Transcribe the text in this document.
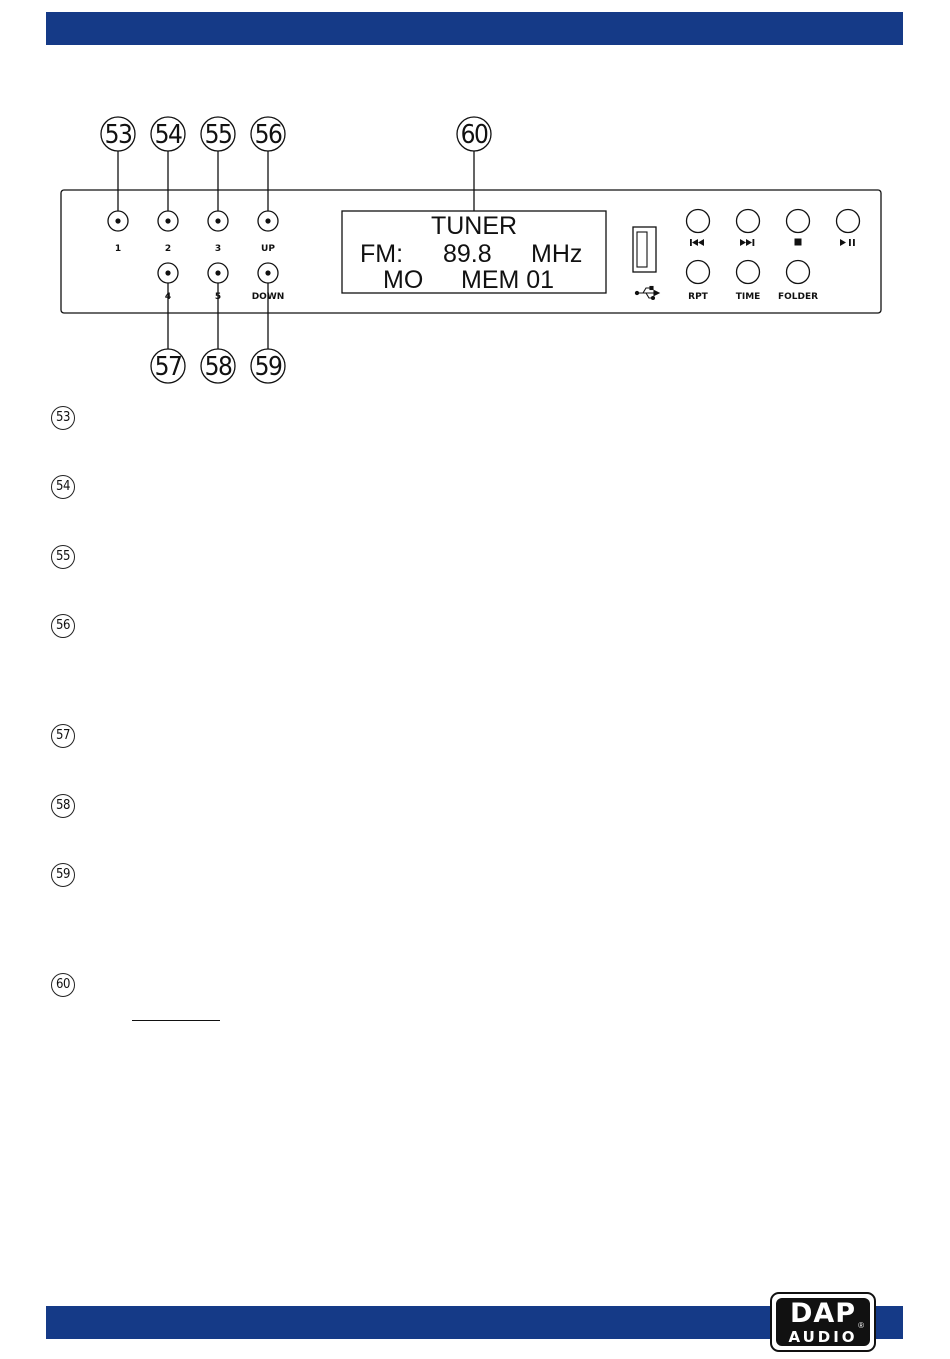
53 54 55 56	60
57 58 59
1	2	3	UP
4	5	DOWN
TUNER
FM: 89.8 MHz
MO MEM 01
RPT	TIME FOLDER
53
54
55
56
57
58
59
60
DAP
AUDIO
®
